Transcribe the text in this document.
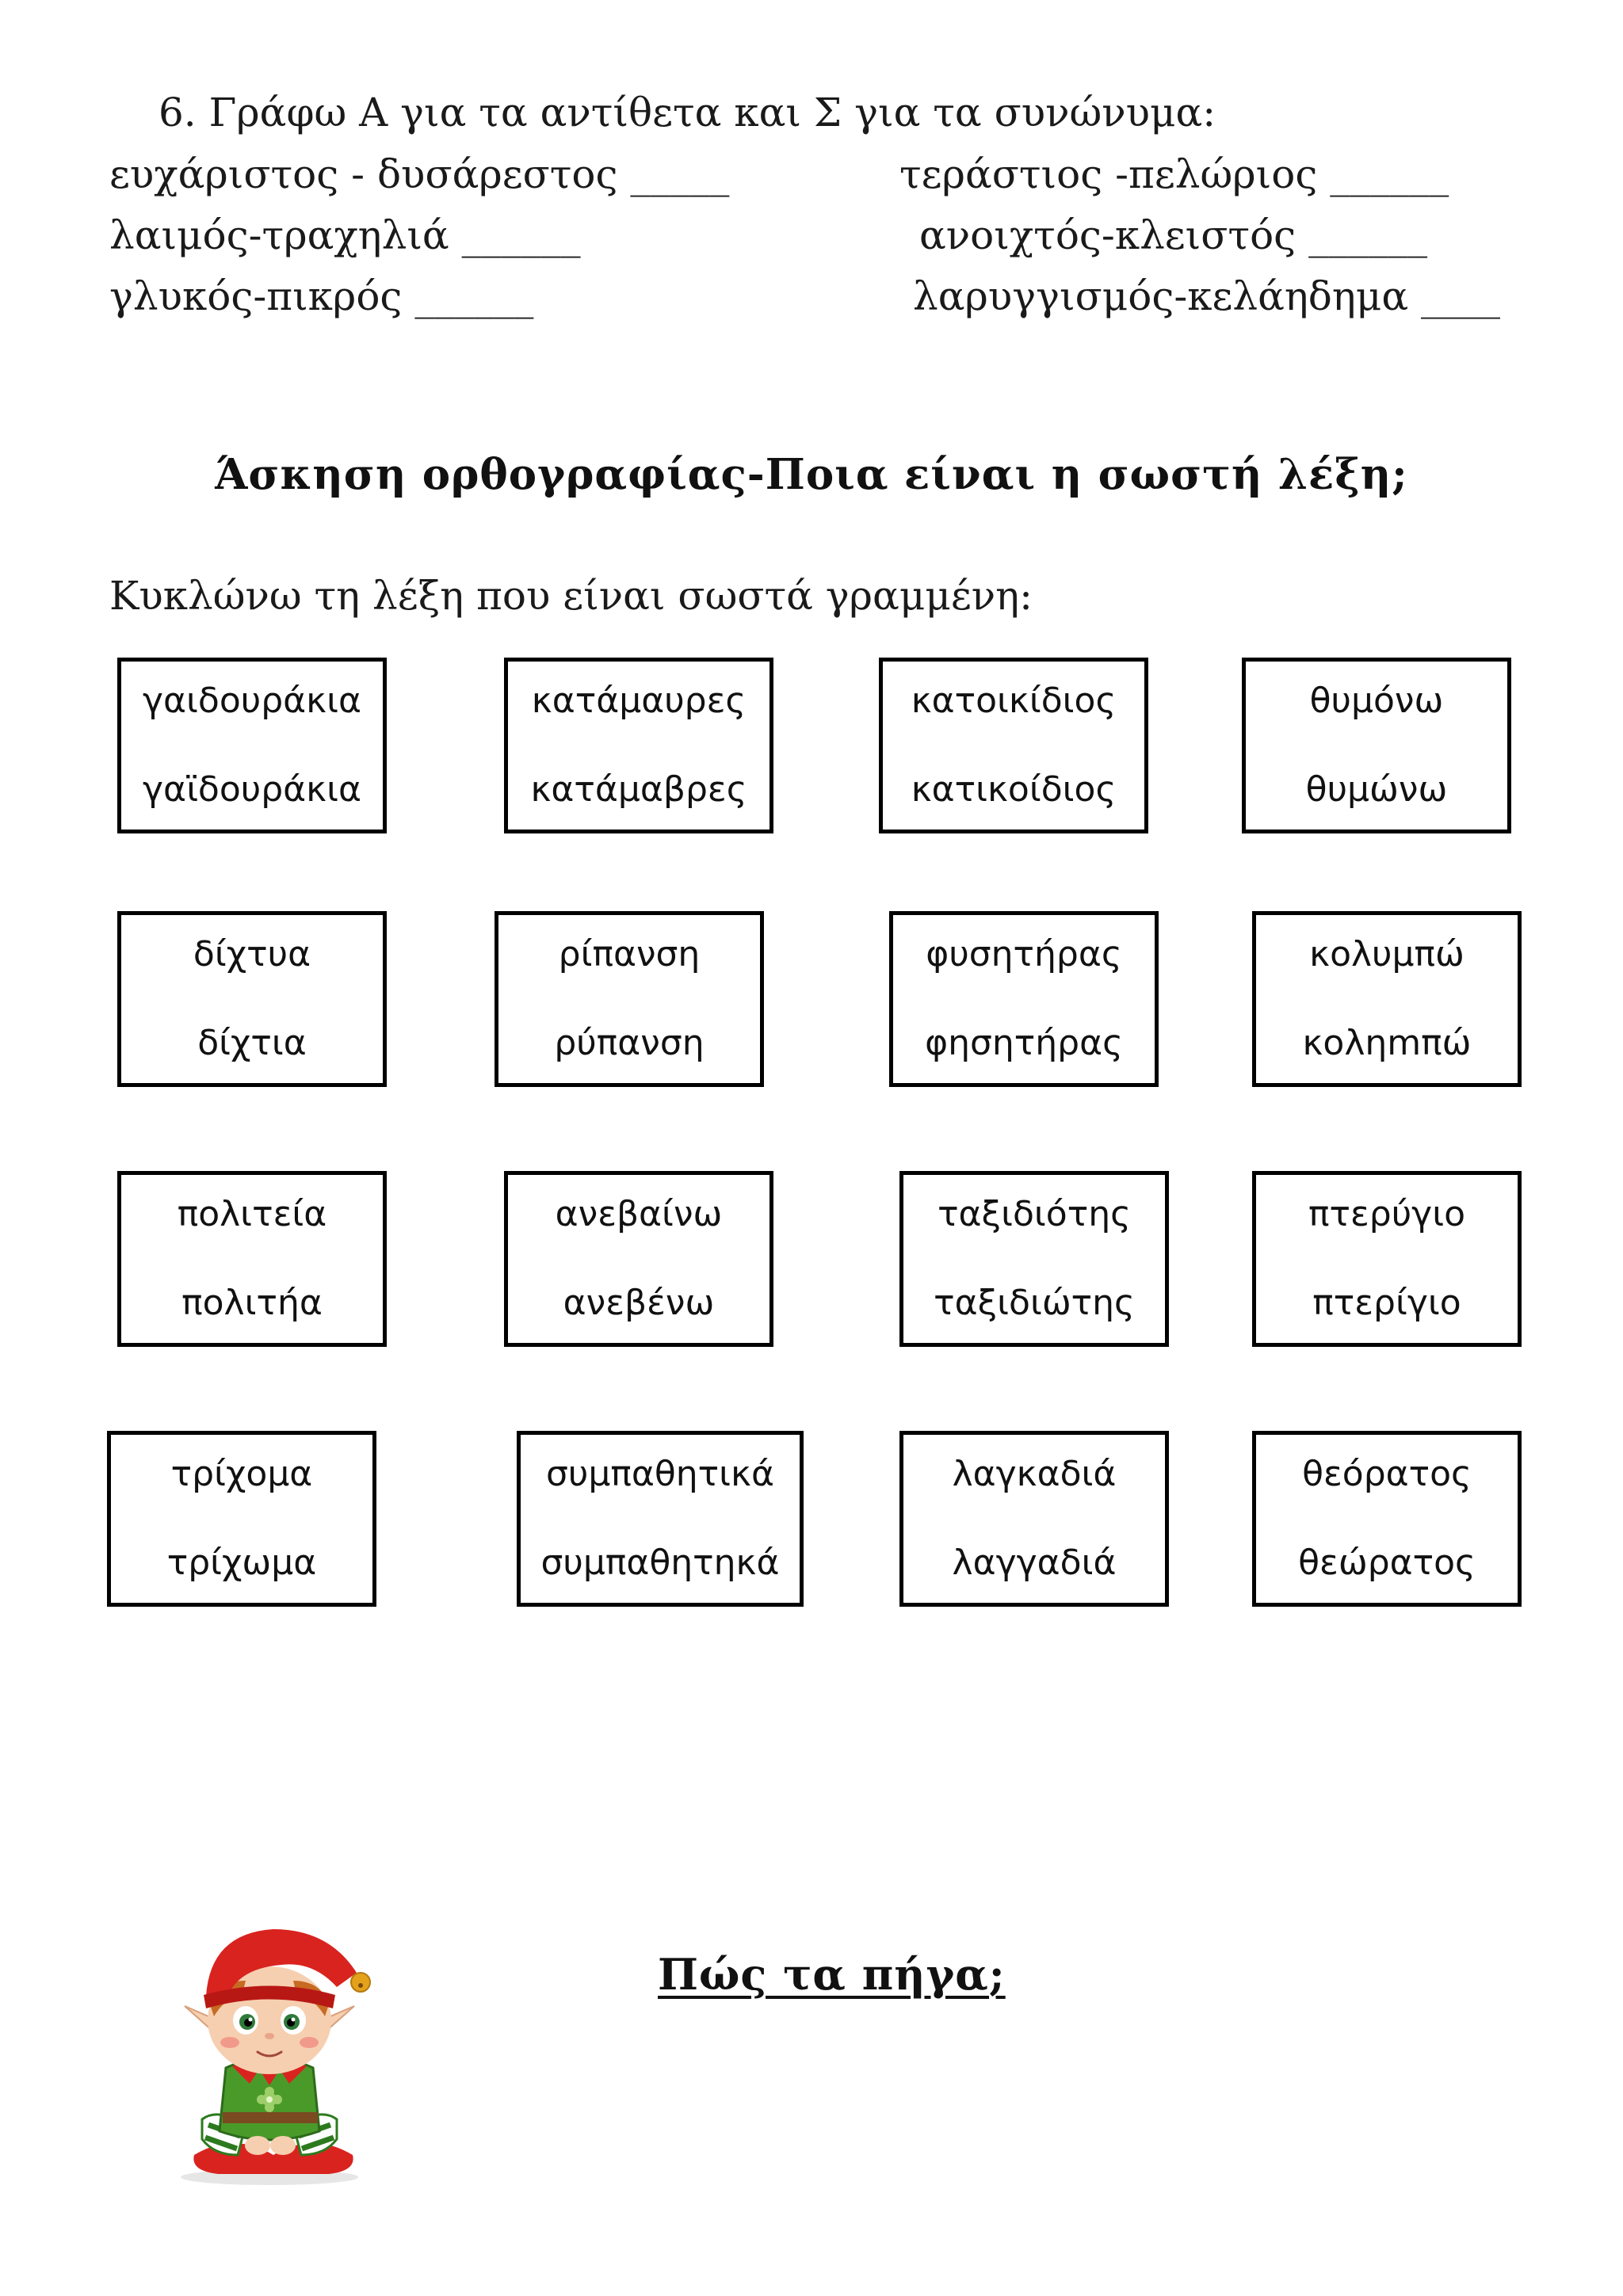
6. Γράφω Α για τα αντίθετα και Σ για τα συνώνυμα:
ευχάριστος - δυσάρεστος _____
λαιμός-τραχηλιά ______
γλυκός-πικρός ______
τεράστιος -πελώριος ______
ανοιχτός-κλειστός ______
λαρυγγισμός-κελάηδημα ____
Άσκηση ορθογραφίας-Ποια είναι η σωστή λέξη;
Κυκλώνω τη λέξη που είναι σωστά γραμμένη:
γαιδουράκια
γαϊδουράκια
κατάμαυρες
κατάμαβρες
κατοικίδιος
κατικοίδιος
θυμόνω
θυμώνω
δίχτυα
δίχτια
ρίπανση
ρύπανση
φυσητήρας
φησητήρας
κολυμπώ
κοληmπώ
πολιτεία
πολιτήα
ανεβαίνω
ανεβένω
ταξιδιότης
ταξιδιώτης
πτερύγιο
πτερίγιο
τρίχομα
τρίχωμα
συμπαθητικά
συμπαθητηκά
λαγκαδιά
λαγγαδιά
θεόρατος
θεώρατος
Πώς τα πήγα;
